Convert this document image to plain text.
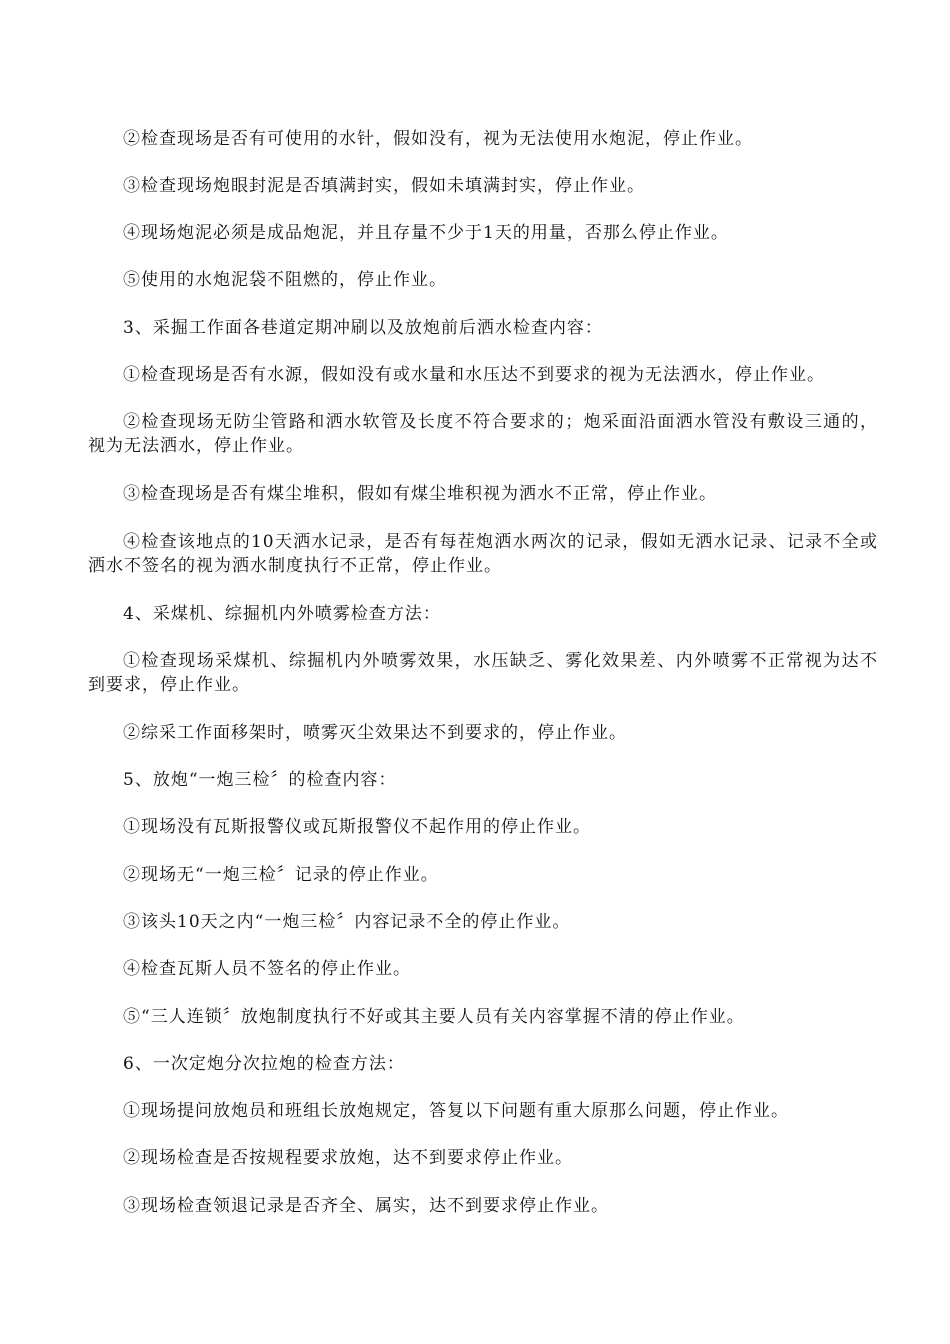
②检查现场是否有可使用的水针，假如没有，视为无法使用水炮泥，停止作业。

③检查现场炮眼封泥是否填满封实，假如未填满封实，停止作业。

④现场炮泥必须是成品炮泥，并且存量不少于1天的用量，否那么停止作业。

⑤使用的水炮泥袋不阻燃的，停止作业。

3、采掘工作面各巷道定期冲刷以及放炮前后洒水检查内容：

①检查现场是否有水源，假如没有或水量和水压达不到要求的视为无法洒水，停止作业。

②检查现场无防尘管路和洒水软管及长度不符合要求的；炮采面沿面洒水管没有敷设三通的，视为无法洒水，停止作业。

③检查现场是否有煤尘堆积，假如有煤尘堆积视为洒水不正常，停止作业。

④检查该地点的10天洒水记录，是否有每茬炮洒水两次的记录，假如无洒水记录、记录不全或洒水不签名的视为洒水制度执行不正常，停止作业。

4、采煤机、综掘机内外喷雾检查方法：

①检查现场采煤机、综掘机内外喷雾效果，水压缺乏、雾化效果差、内外喷雾不正常视为达不到要求，停止作业。

②综采工作面移架时，喷雾灭尘效果达不到要求的，停止作业。

5、放炮“一炮三检〞的检查内容：

①现场没有瓦斯报警仪或瓦斯报警仪不起作用的停止作业。

②现场无“一炮三检〞记录的停止作业。

③该头10天之内“一炮三检〞内容记录不全的停止作业。

④检查瓦斯人员不签名的停止作业。

⑤“三人连锁〞放炮制度执行不好或其主要人员有关内容掌握不清的停止作业。

6、一次定炮分次拉炮的检查方法：

①现场提问放炮员和班组长放炮规定，答复以下问题有重大原那么问题，停止作业。

②现场检查是否按规程要求放炮，达不到要求停止作业。

③现场检查领退记录是否齐全、属实，达不到要求停止作业。
